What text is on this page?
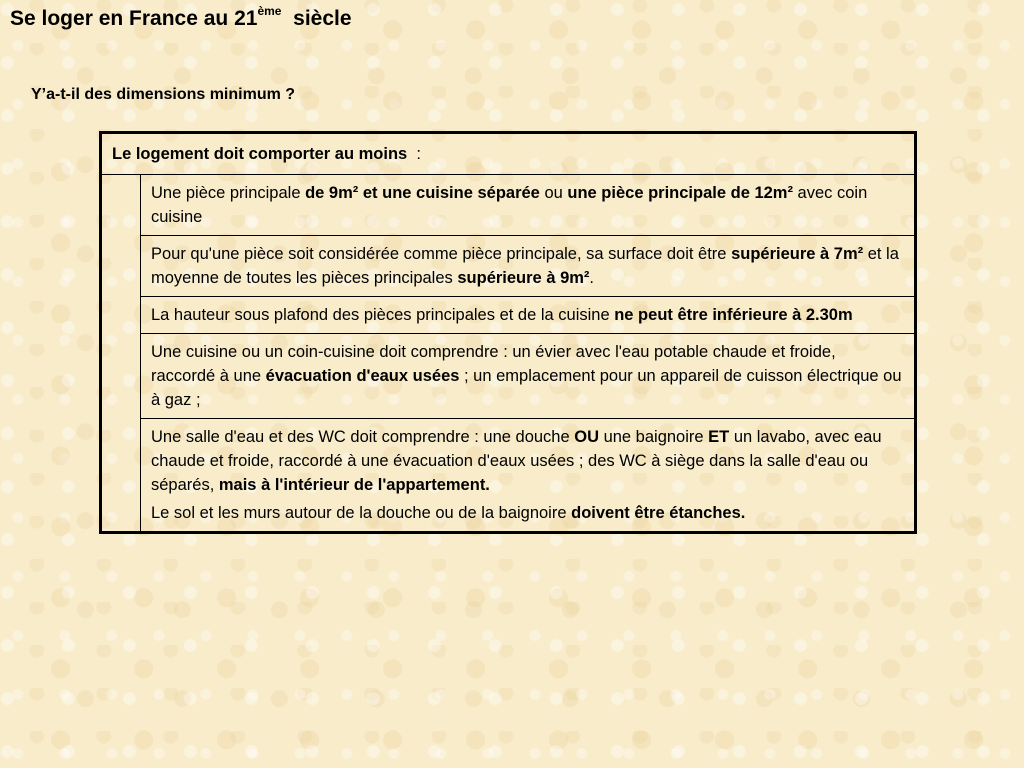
Se loger en France au 21ème siècle
Y’a-t-il des dimensions minimum ?
Le logement doit comporter au moins :

Une pièce principale de 9m² et une cuisine séparée ou une pièce principale de 12m² avec coin cuisine

Pour qu'une pièce soit considérée comme pièce principale, sa surface doit être supérieure à 7m² et la moyenne de toutes les pièces principales supérieure à 9m².

La hauteur sous plafond des pièces principales et de la cuisine ne peut être inférieure à 2.30m

Une cuisine ou un coin-cuisine doit comprendre : un évier avec l'eau potable chaude et froide, raccordé à une évacuation d'eaux usées ; un emplacement pour un appareil de cuisson électrique ou à gaz ;

Une salle d'eau et des WC doit comprendre : une douche OU une baignoire ET un lavabo, avec eau chaude et froide, raccordé à une évacuation d'eaux usées ; des WC à siège dans la salle d'eau ou séparés, mais à l'intérieur de l'appartement.

Le sol et les murs autour de la douche ou de la baignoire doivent être étanches.
